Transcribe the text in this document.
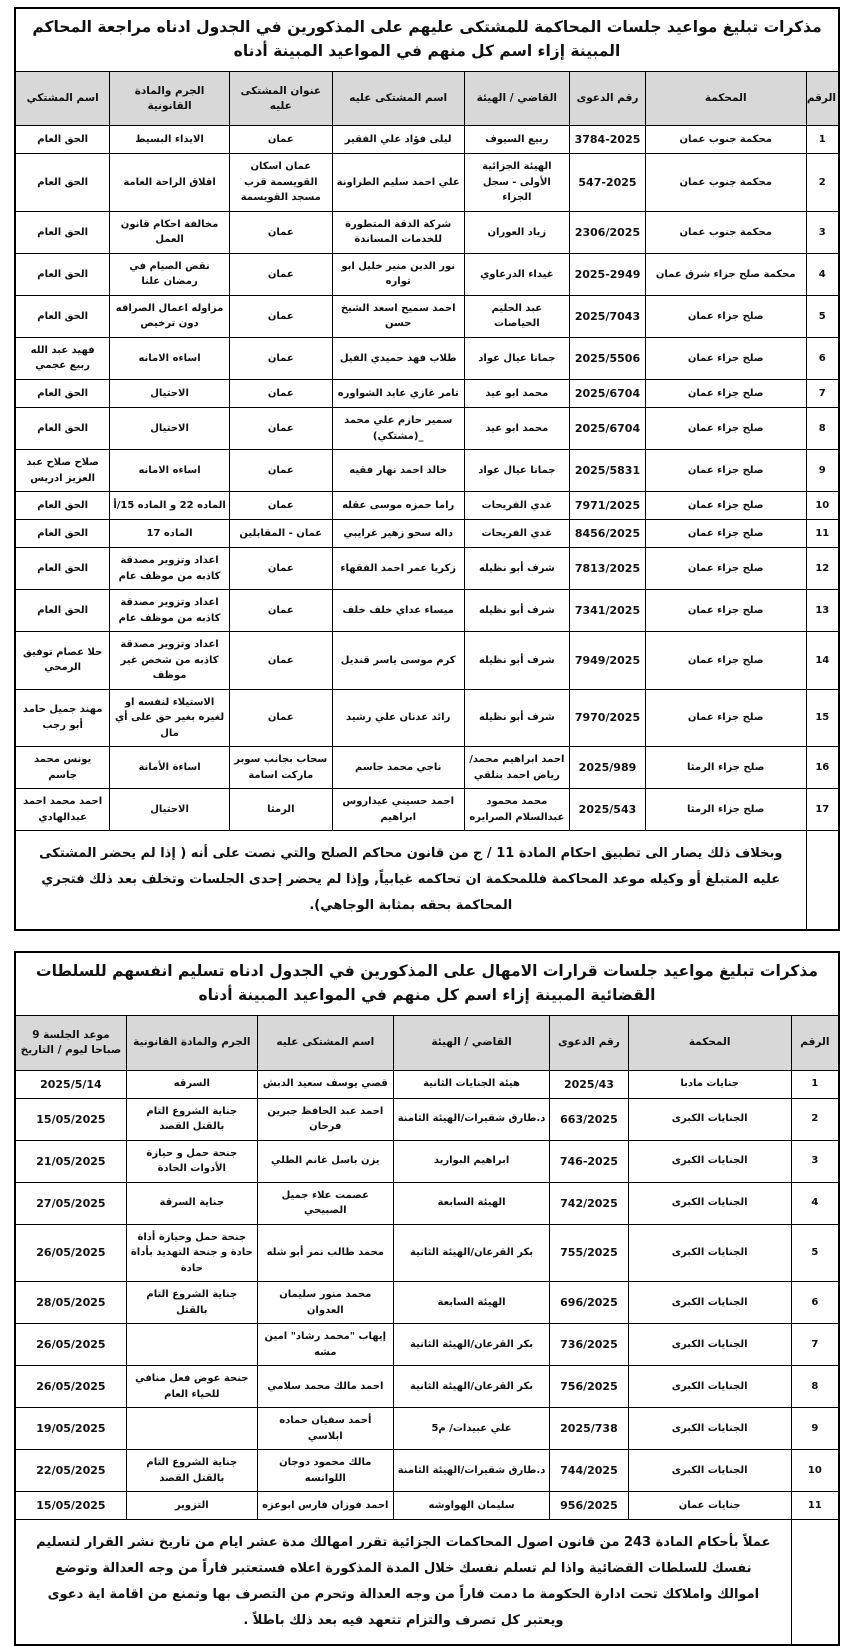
مذكرات تبليغ مواعيد جلسات المحاكمة للمشتكى عليهم على المذكورين في الجدول ادناه مراجعة المحاكم المبينة إزاء اسم كل منهم في المواعيد المبينة أدناه							
الرقم	المحكمة	رقم الدعوى	القاضي / الهيئة	اسم المشتكى عليه	عنوان المشتكى عليه	الجرم والمادة القانونية	اسم المشتكي
1	محكمة جنوب عمان	3784-2025	ربيع السيوف	ليلى فؤاد علي الفقير	عمان	الايذاء البسيط	الحق العام
2	محكمة جنوب عمان	547-2025	الهيئة الجزائية الأولى - سجل الجزاء	علي احمد سليم الطراونة	عمان اسكان القويسمة قرب مسجد القويسمة	اقلاق الراحة العامة	الحق العام
3	محكمة جنوب عمان	2306/2025	زياد العوران	شركة الدقة المتطورة للخدمات المساندة	عمان	مخالفة احكام قانون العمل	الحق العام
4	محكمة صلح جزاء شرق عمان	2025-2949	غيداء الدرعاوي	نور الدين منير خليل ابو تواره	عمان	نقض الصيام في رمضان علنا	الحق العام
5	صلح جزاء عمان	2025/7043	عبد الحليم الحياصات	احمد سميح اسعد الشيخ حسن	عمان	مزاوله اعمال الصرافه دون ترخيص	الحق العام
6	صلح جزاء عمان	2025/5506	جمانا عيال عواد	طلاب فهد حميدي الفيل	عمان	اساءه الامانه	فهيد عبد الله ربيع عجمي
7	صلح جزاء عمان	2025/6704	محمد ابو عيد	تامر غازي عايد الشواوره	عمان	الاحتيال	الحق العام
8	صلح جزاء عمان	2025/6704	محمد ابو عيد	سمير حازم علي محمد _(مشتكي)	عمان	الاحتيال	الحق العام
9	صلح جزاء عمان	2025/5831	جمانا عيال عواد	خالد احمد نهار فقيه	عمان	اساءه الامانه	صلاح صلاح عبد العزيز ادريس
10	صلح جزاء عمان	7971/2025	غدي الفريحات	راما حمزه موسى عقله	عمان	الماده 22 و الماده 15/أ	الحق العام
11	صلح جزاء عمان	8456/2025	غدي الفريحات	داله سحو زهير غرايبي	عمان - المقابلين	الماده 17	الحق العام
12	صلح جزاء عمان	7813/2025	شرف أبو نظيله	زكريا عمر احمد الفقهاء	عمان	اعداد وتزوير مصدقة كاذبه من موظف عام	الحق العام
13	صلح جزاء عمان	7341/2025	شرف أبو نظيله	ميساء عداي خلف خلف	عمان	اعداد وتزوير مصدقة كاذبه من موظف عام	الحق العام
14	صلح جزاء عمان	7949/2025	شرف أبو نظيله	كرم موسى ياسر قنديل	عمان	اعداد وتزوير مصدقة كاذبه من شخص غير موظف	حلا عصام توفيق الرمحي
15	صلح جزاء عمان	7970/2025	شرف أبو نظيله	رائد عدنان علي رشيد	عمان	الاستيلاء لنفسه او لغيره بغير حق على أي مال	مهند جميل حامد أبو رجب
16	صلح جزاء الرمثا	2025/989	احمد ابراهيم محمد/رياض احمد بنلقي	ناجي محمد جاسم	سحاب بجانب سوبر ماركت اسامة	اساءة الأمانة	يونس محمد جاسم
17	صلح جزاء الرمثا	2025/543	محمد محمود عبدالسلام الصرايره	احمد حسيني عيداروس ابراهيم	الرمثا	الاحتيال	احمد محمد احمد عبدالهادي
	وبخلاف ذلك يصار الى تطبيق احكام المادة 11 / ج من قانون محاكم الصلح والتي نصت على أنه ( إذا لم يحضر المشتكى عليه المتبلغ أو وكيله موعد المحاكمة فللمحكمة ان تحاكمه غيابياً, وإذا لم يحضر إحدى الجلسات وتخلف بعد ذلك فتجري المحاكمة بحقه بمثابة الوجاهي).						
مذكرات تبليغ مواعيد جلسات قرارات الامهال على المذكورين في الجدول ادناه تسليم انفسهم للسلطات القضائية المبينة إزاء اسم كل منهم في المواعيد المبينة أدناه						
الرقم	المحكمة	رقم الدعوى	القاضي / الهيئة	اسم المشتكى عليه	الجرم والمادة القانونية	موعد الجلسة 9 صباحا ليوم / التاريخ
1	جنايات مادبا	2025/43	هيئة الجنايات الثانية	قصي يوسف سعيد الدبش	السرقه	2025/5/14
2	الجنايات الكبرى	663/2025	د.طارق شقيرات/الهيئة الثامنة	احمد عبد الحافظ جبرين فرحان	جناية الشروع التام بالقتل القصد	15/05/2025
3	الجنايات الكبرى	746-2025	ابراهيم البواريد	يزن باسل غانم الطلي	جنحة حمل و حيازة الأدوات الحادة	21/05/2025
4	الجنايات الكبرى	742/2025	الهيئة السابعة	عصمت علاء جميل الصبيحي	جناية السرقة	27/05/2025
5	الجنايات الكبرى	755/2025	بكر القرعان/الهيئة الثانية	محمد طالب نمر أبو شله	جنحة حمل وحيازة أداة حادة و جنحة التهديد بأداة حادة	26/05/2025
6	الجنايات الكبرى	696/2025	الهيئة السابعة	محمد منور سليمان العدوان	جناية الشروع التام بالقتل	28/05/2025
7	الجنايات الكبرى	736/2025	بكر القرعان/الهيئة الثانية	إيهاب "محمد رشاد" امين مشه		26/05/2025
8	الجنايات الكبرى	756/2025	بكر القرعان/الهيئة الثانية	احمد مالك محمد سلامي	جنحة عوض فعل منافي للحياء العام	26/05/2025
9	الجنايات الكبرى	2025/738	علي عبيدات/ م5	أحمد سفيان حماده ابلاسي		19/05/2025
10	الجنايات الكبرى	744/2025	د.طارق شقيرات/الهيئة الثامنة	مالك محمود دوجان اللوانسه	جناية الشروع التام بالقتل القصد	22/05/2025
11	جنايات عمان	956/2025	سليمان الهواوشه	احمد فوزان فارس ابوعزه	التزوير	15/05/2025
	عملاً بأحكام المادة 243 من قانون اصول المحاكمات الجزائية تقرر امهالك مدة عشر ايام من تاريخ نشر القرار لتسليم نفسك للسلطات القضائية واذا لم تسلم نفسك خلال المدة المذكورة اعلاه فستعتبر فاراً من وجه العدالة وتوضع اموالك واملاكك تحت ادارة الحكومة ما دمت فاراً من وجه العدالة وتحرم من التصرف بها وتمنع من اقامة اية دعوى ويعتبر كل تصرف والتزام تتعهد فيه بعد ذلك باطلاً .					
